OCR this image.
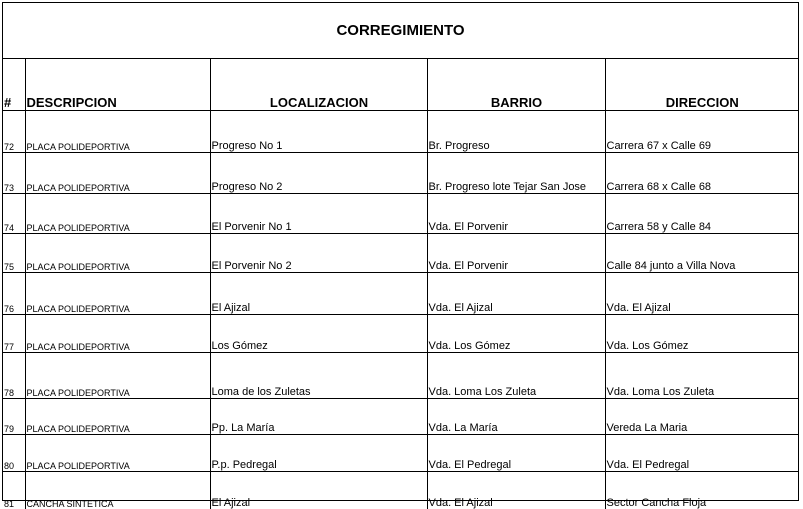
CORREGIMIENTO
#	DESCRIPCION	LOCALIZACION	BARRIO	DIRECCION
72	PLACA POLIDEPORTIVA	Progreso No 1	Br. Progreso	Carrera 67 x Calle 69
73	PLACA POLIDEPORTIVA	Progreso No 2	Br. Progreso lote Tejar San Jose	Carrera 68 x Calle 68
74	PLACA POLIDEPORTIVA	El Porvenir No 1	Vda. El Porvenir	Carrera 58 y Calle 84
75	PLACA POLIDEPORTIVA	El Porvenir No 2	Vda. El Porvenir	Calle 84 junto a Villa Nova
76	PLACA POLIDEPORTIVA	El Ajizal	Vda. El Ajizal	Vda. El Ajizal
77	PLACA POLIDEPORTIVA	Los Gómez	Vda. Los Gómez	Vda. Los Gómez
78	PLACA POLIDEPORTIVA	Loma de los Zuletas	Vda. Loma Los Zuleta	Vda. Loma Los Zuleta
79	PLACA POLIDEPORTIVA	Pp. La María	Vda. La María	Vereda La Maria
80	PLACA POLIDEPORTIVA	P.p. Pedregal	Vda. El Pedregal	Vda. El Pedregal
81	CANCHA SINTETICA	El Ajizal	Vda. El Ajizal	Sector Cancha Floja
